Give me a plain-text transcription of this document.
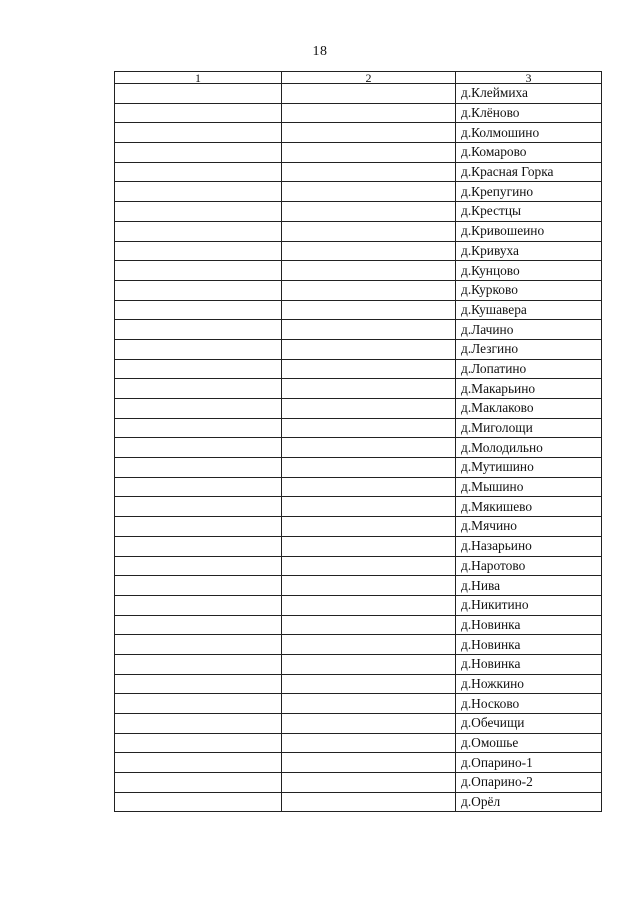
18
1	2	3
		д.Клеймиха
		д.Клёново
		д.Колмошино
		д.Комарово
		д.Красная Горка
		д.Крепугино
		д.Крестцы
		д.Кривошеино
		д.Кривуха
		д.Кунцово
		д.Курково
		д.Кушавера
		д.Лачино
		д.Лезгино
		д.Лопатино
		д.Макарьино
		д.Маклаково
		д.Миголощи
		д.Молодильно
		д.Мутишино
		д.Мышино
		д.Мякишево
		д.Мячино
		д.Назарьино
		д.Наротово
		д.Нива
		д.Никитино
		д.Новинка
		д.Новинка
		д.Новинка
		д.Ножкино
		д.Носково
		д.Обечищи
		д.Омошье
		д.Опарино-1
		д.Опарино-2
		д.Орёл
